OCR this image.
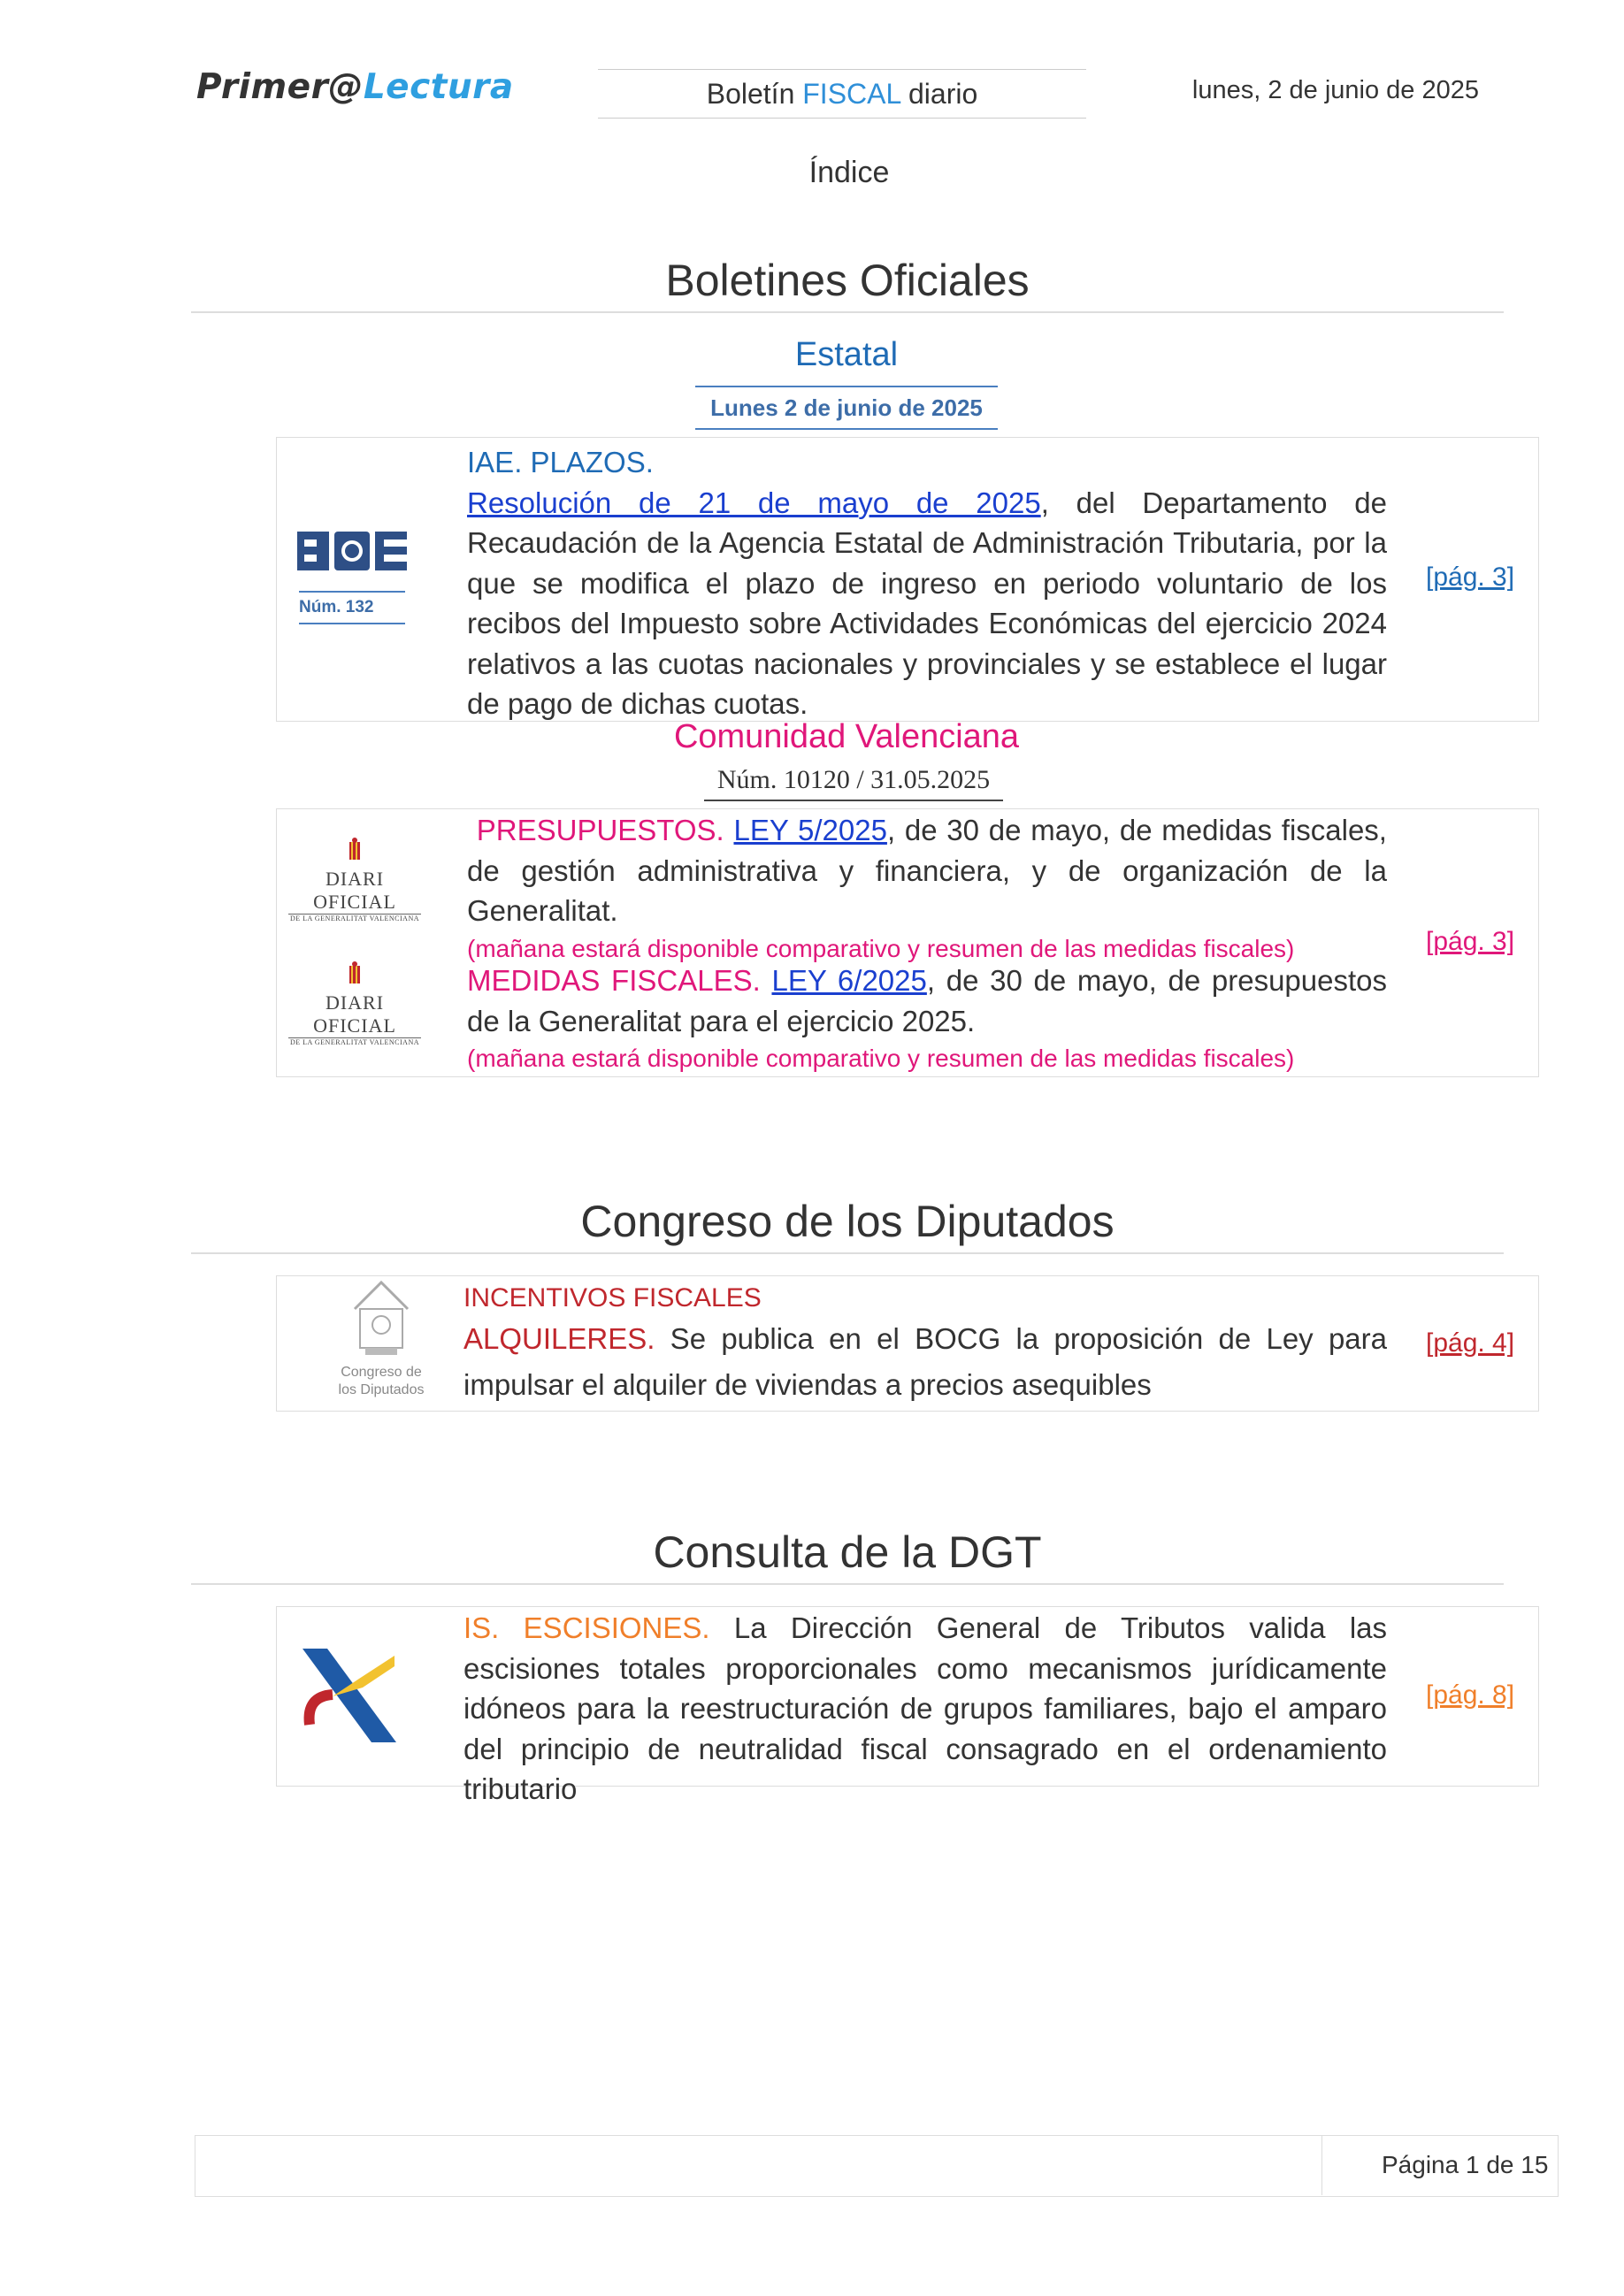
Primer@Lectura	Boletín FISCAL diario	lunes, 2 de junio de 2025
Índice
Boletines Oficiales
Estatal
Lunes 2 de junio de 2025
Núm. 132
IAE. PLAZOS.
Resolución de 21 de mayo de 2025, del Departamento de Recaudación de la Agencia Estatal de Administración Tributaria, por la que se modifica el plazo de ingreso en periodo voluntario de los recibos del Impuesto sobre Actividades Económicas del ejercicio 2024 relativos a las cuotas nacionales y provinciales y se establece el lugar de pago de dichas cuotas.
[pág. 3]
Comunidad Valenciana
Núm. 10120 / 31.05.2025
DIARI OFICIAL
DE LA GENERALITAT VALENCIANA
DIARI OFICIAL
DE LA GENERALITAT VALENCIANA
PRESUPUESTOS. LEY 5/2025, de 30 de mayo, de medidas fiscales, de gestión administrativa y financiera, y de organización de la Generalitat.
(mañana estará disponible comparativo y resumen de las medidas fiscales)
MEDIDAS FISCALES. LEY 6/2025, de 30 de mayo, de presupuestos de la Generalitat para el ejercicio 2025.
(mañana estará disponible comparativo y resumen de las medidas fiscales)
[pág. 3]
Congreso de los Diputados
Congreso de
los Diputados
INCENTIVOS FISCALES
ALQUILERES. Se publica en el BOCG la proposición de Ley para impulsar el alquiler de viviendas a precios asequibles
[pág. 4]
Consulta de la DGT
IS. ESCISIONES. La Dirección General de Tributos valida las escisiones totales proporcionales como mecanismos jurídicamente idóneos para la reestructuración de grupos familiares, bajo el amparo del principio de neutralidad fiscal consagrado en el ordenamiento tributario
[pág. 8]
Página 1 de 15
